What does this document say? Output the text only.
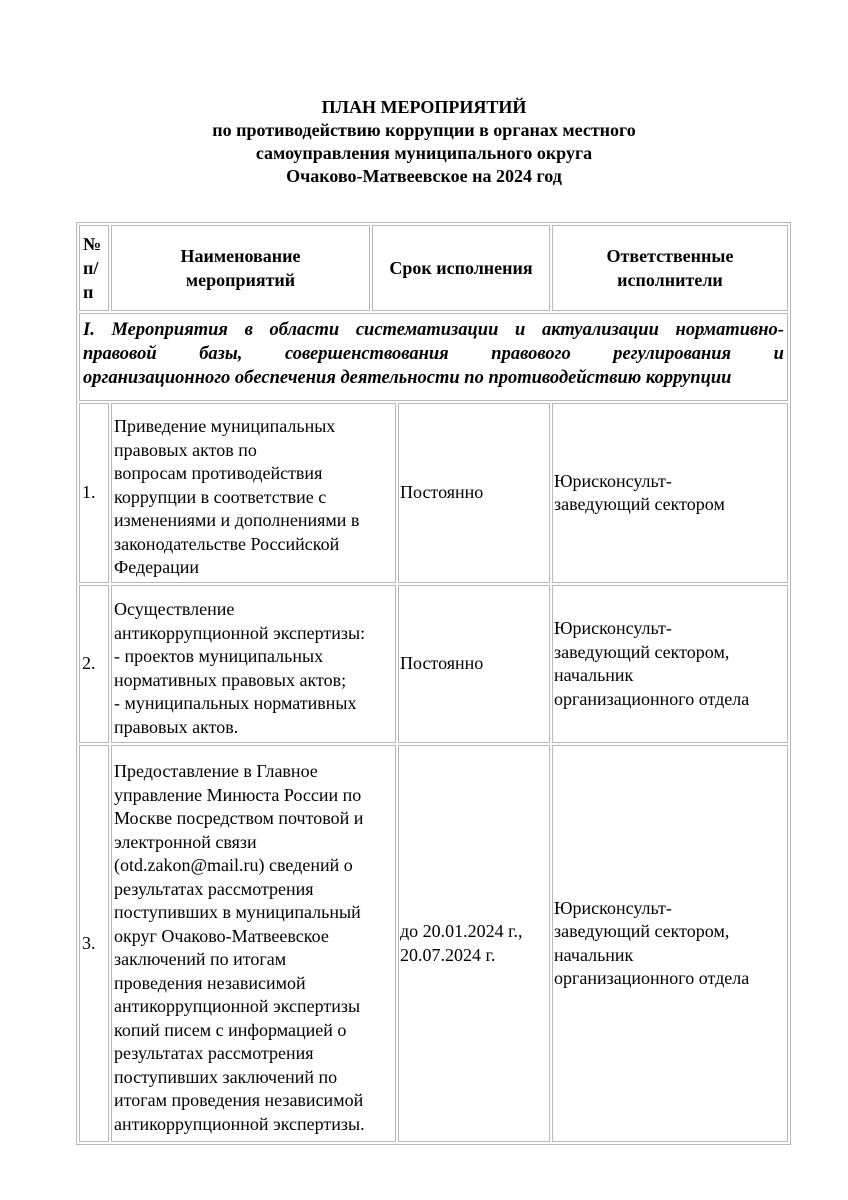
ПЛАН МЕРОПРИЯТИЙ
по противодействию коррупции в органах местного
самоуправления муниципального округа
Очаково-Матвеевское на 2024 год
№
п/
п
Наименование
мероприятий
Срок исполнения
Ответственные
исполнители
I. Мероприятия в области систематизации и актуализации нормативно-
правовой базы, совершенствования правового регулирования и
организационного обеспечения деятельности по противодействию коррупции
1.
Приведение муниципальных
правовых актов по
вопросам противодействия
коррупции в соответствие с
изменениями и дополнениями в
законодательстве Российской
Федерации
Постоянно
Юрисконсульт-
заведующий сектором
2.
Осуществление
антикоррупционной экспертизы:
- проектов муниципальных
нормативных правовых актов;
- муниципальных нормативных
правовых актов.
Постоянно
Юрисконсульт-
заведующий сектором,
начальник
организационного отдела
3.
Предоставление в Главное
управление Минюста России по
Москве посредством почтовой и
электронной связи
(otd.zakon@mail.ru) сведений о
результатах рассмотрения
поступивших в муниципальный
округ Очаково-Матвеевское
заключений по итогам
проведения независимой
антикоррупционной экспертизы
копий писем с информацией о
результатах рассмотрения
поступивших заключений по
итогам проведения независимой
антикоррупционной экспертизы.
до 20.01.2024 г.,
20.07.2024 г.
Юрисконсульт-
заведующий сектором,
начальник
организационного отдела
